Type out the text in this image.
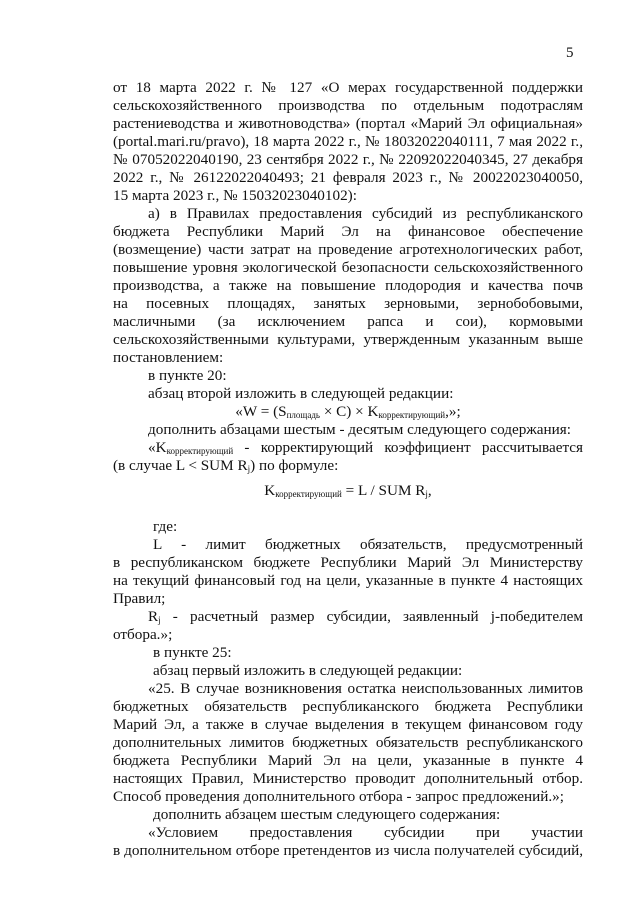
5
от 18 марта 2022 г. № 127 «О мерах государственной поддержки
сельскохозяйственного производства по отдельным подотраслям
растениеводства и животноводства» (портал «Марий Эл официальная»
(portal.mari.ru/pravo), 18 марта 2022 г., № 18032022040111, 7 мая 2022 г.,
№ 07052022040190, 23 сентября 2022 г., № 22092022040345, 27 декабря
2022 г., № 26122022040493; 21 февраля 2023 г., № 20022023040050,
15 марта 2023 г., № 15032023040102):
а) в Правилах предоставления субсидий из республиканского
бюджета Республики Марий Эл на финансовое обеспечение
(возмещение) части затрат на проведение агротехнологических работ,
повышение уровня экологической безопасности сельскохозяйственного
производства, а также на повышение плодородия и качества почв
на посевных площадях, занятых зерновыми, зернобобовыми,
масличными (за исключением рапса и сои), кормовыми
сельскохозяйственными культурами, утвержденным указанным выше
постановлением:
в пункте 20:
абзац второй изложить в следующей редакции:
«$W = (S_{площадь} \times C) \times K_{корректирующий}$,»;
дополнить абзацами шестым - десятым следующего содержания:
«$K_{корректирующий}$ - корректирующий коэффициент рассчитывается
(в случае L < SUM $R_j$) по формуле:
$K_{корректирующий} = L$ / SUM $R_j$,
где:
L - лимит бюджетных обязательств, предусмотренный
в республиканском бюджете Республики Марий Эл Министерству
на текущий финансовый год на цели, указанные в пункте 4 настоящих
Правил;
$R_j$ - расчетный размер субсидии, заявленный j-победителем
отбора.»;
в пункте 25:
абзац первый изложить в следующей редакции:
«25. В случае возникновения остатка неиспользованных лимитов
бюджетных обязательств республиканского бюджета Республики
Марий Эл, а также в случае выделения в текущем финансовом году
дополнительных лимитов бюджетных обязательств республиканского
бюджета Республики Марий Эл на цели, указанные в пункте 4
настоящих Правил, Министерство проводит дополнительный отбор.
Способ проведения дополнительного отбора - запрос предложений.»;
дополнить абзацем шестым следующего содержания:
«Условием предоставления субсидии при участии
в дополнительном отборе претендентов из числа получателей субсидий,
